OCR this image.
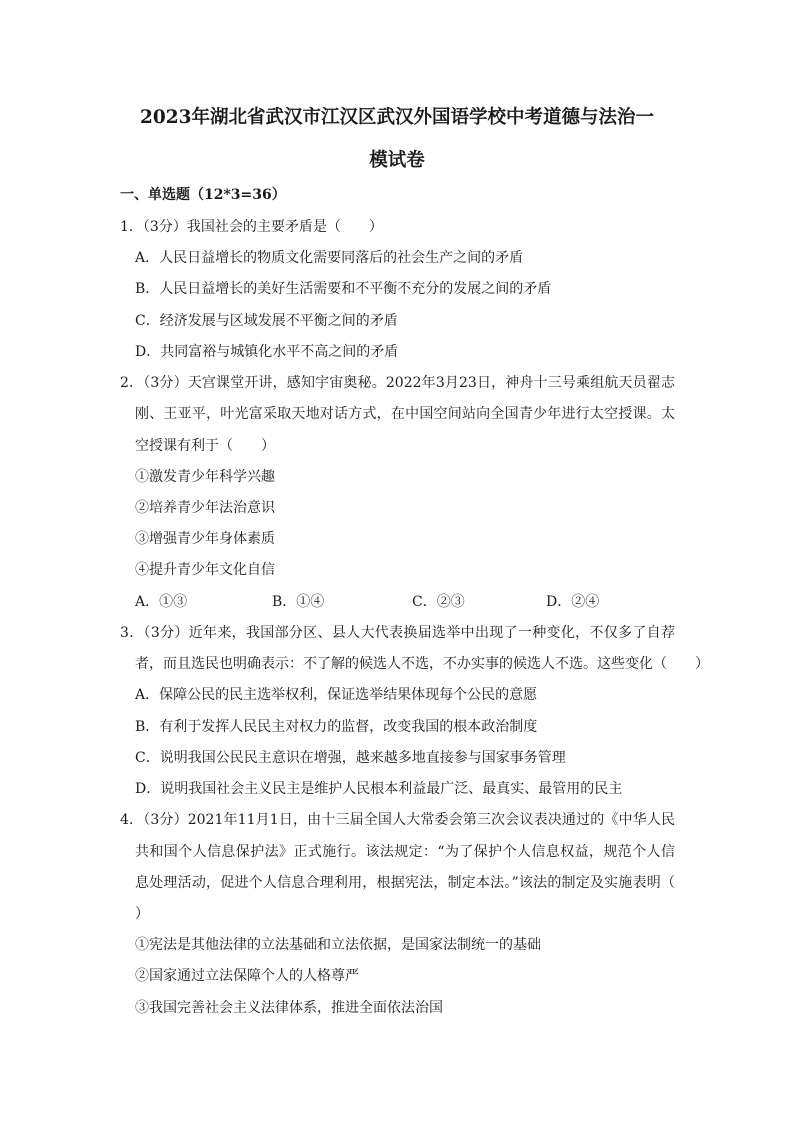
2023年湖北省武汉市江汉区武汉外国语学校中考道德与法治一
模试卷
一、单选题（12*3=36）
1．（3分）我国社会的主要矛盾是（　　）
A．人民日益增长的物质文化需要同落后的社会生产之间的矛盾
B．人民日益增长的美好生活需要和不平衡不充分的发展之间的矛盾
C．经济发展与区域发展不平衡之间的矛盾
D．共同富裕与城镇化水平不高之间的矛盾
2．（3分）天宫课堂开讲，感知宇宙奥秘。2022年3月23日，神舟十三号乘组航天员翟志
刚、王亚平，叶光富采取天地对话方式，在中国空间站向全国青少年进行太空授课。太
空授课有利于（　　）
①激发青少年科学兴趣
②培养青少年法治意识
③增强青少年身体素质
④提升青少年文化自信
A．①③	B．①④	C．②③	D．②④
3．（3分）近年来，我国部分区、县人大代表换届选举中出现了一种变化，不仅多了自荐
者，而且选民也明确表示：不了解的候选人不选，不办实事的候选人不选。这些变化（　　）
A．保障公民的民主选举权利，保证选举结果体现每个公民的意愿
B．有利于发挥人民民主对权力的监督，改变我国的根本政治制度
C．说明我国公民民主意识在增强，越来越多地直接参与国家事务管理
D．说明我国社会主义民主是维护人民根本利益最广泛、最真实、最管用的民主
4．（3分）2021年11月1日，由十三届全国人大常委会第三次会议表决通过的《中华人民
共和国个人信息保护法》正式施行。该法规定：“为了保护个人信息权益，规范个人信
息处理活动，促进个人信息合理利用，根据宪法，制定本法。”该法的制定及实施表明（
）
①宪法是其他法律的立法基础和立法依据，是国家法制统一的基础
②国家通过立法保障个人的人格尊严
③我国完善社会主义法律体系，推进全面依法治国
